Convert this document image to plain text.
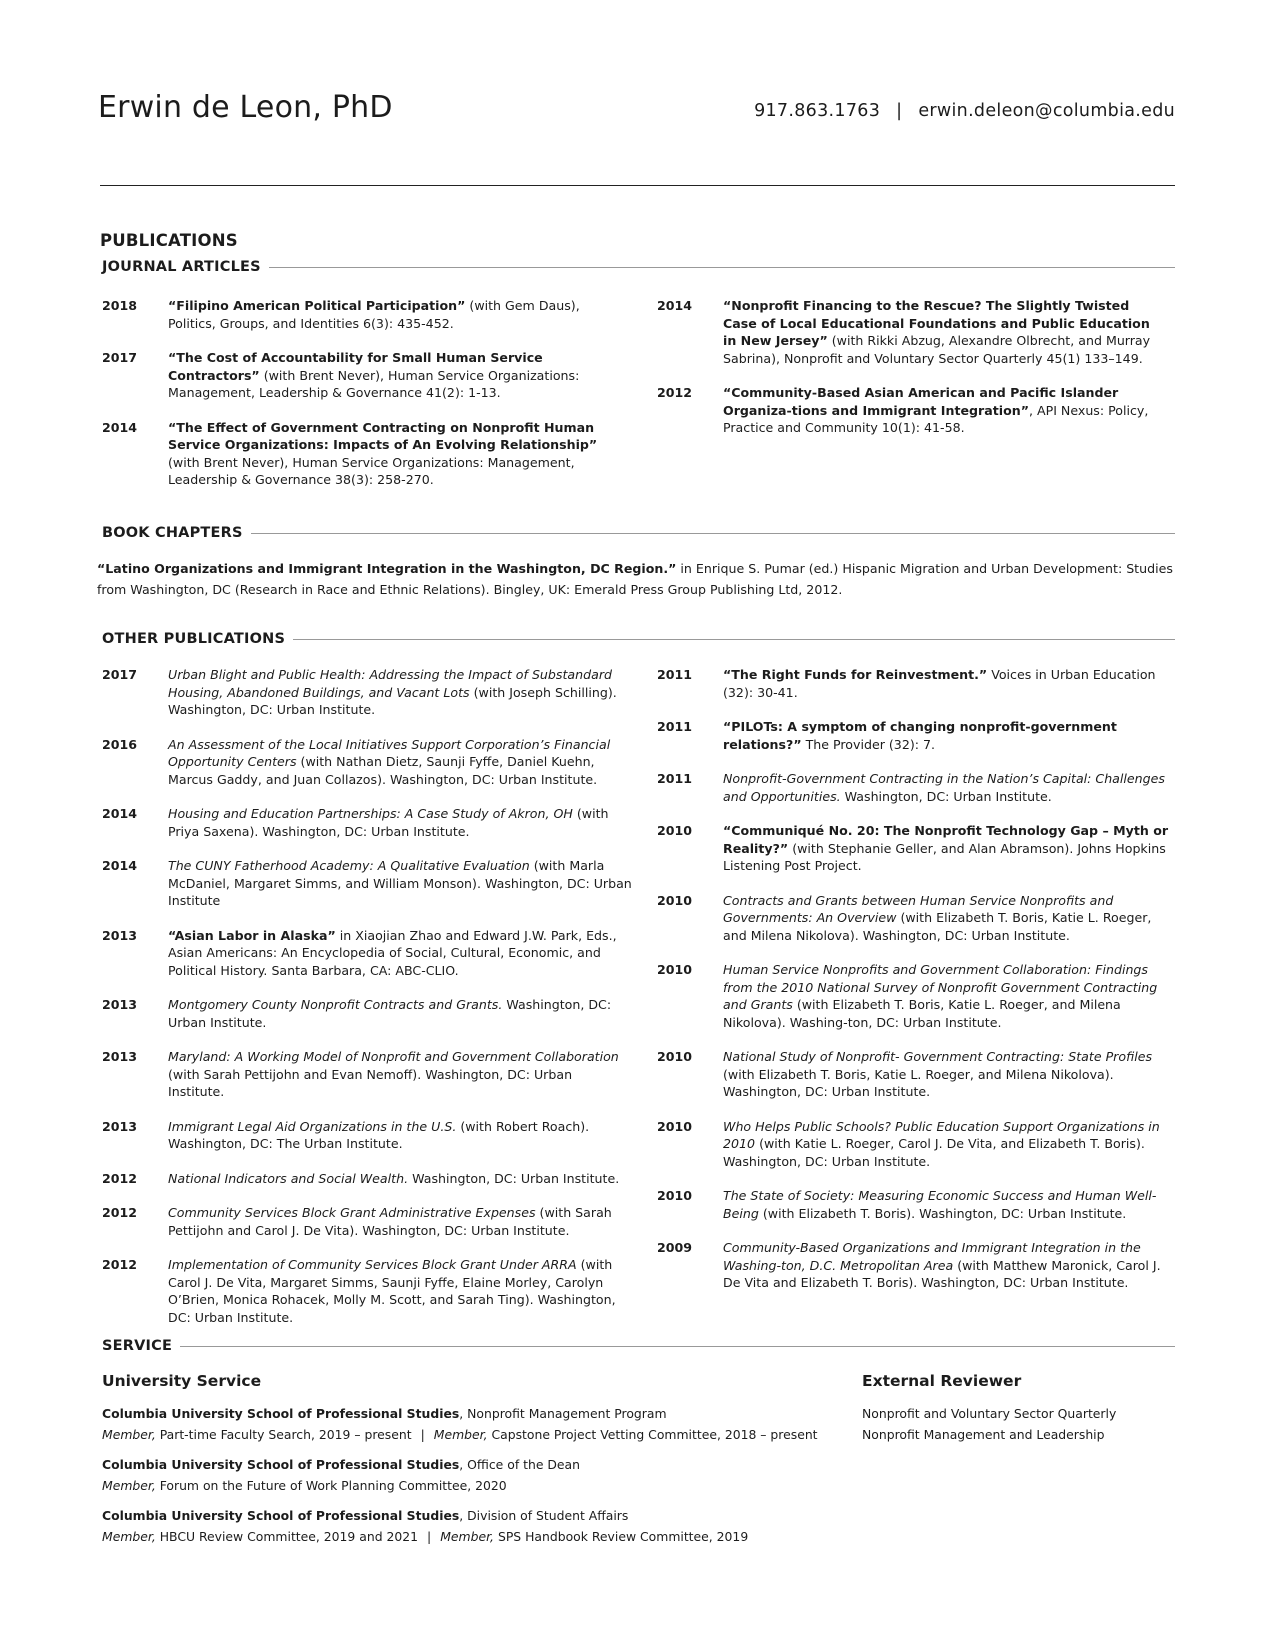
Erwin de Leon, PhD	917.863.1763 | erwin.deleon@columbia.edu
PUBLICATIONS
JOURNAL ARTICLES
2018	“Filipino American Political Participation” (with Gem Daus), Politics, Groups, and Identities 6(3): 435-452.
2017	“The Cost of Accountability for Small Human Service Contractors” (with Brent Never), Human Service Organizations: Management, Leadership & Governance 41(2): 1-13.
2014	“The Effect of Government Contracting on Nonprofit Human Service Organizations: Impacts of An Evolving Relationship” (with Brent Never), Human Service Organizations: Management, Leadership & Governance 38(3): 258-270.
2014	“Nonprofit Financing to the Rescue? The Slightly Twisted Case of Local Educational Foundations and Public Education in New Jersey” (with Rikki Abzug, Alexandre Olbrecht, and Murray Sabrina), Nonprofit and Voluntary Sector Quarterly 45(1) 133–149.
2012	“Community-Based Asian American and Pacific Islander Organiza-tions and Immigrant Integration”, API Nexus: Policy, Practice and Community 10(1): 41-58.
BOOK CHAPTERS
“Latino Organizations and Immigrant Integration in the Washington, DC Region.” in Enrique S. Pumar (ed.) Hispanic Migration and Urban Development: Studies from Washington, DC (Research in Race and Ethnic Relations). Bingley, UK: Emerald Press Group Publishing Ltd, 2012.
OTHER PUBLICATIONS
2017	Urban Blight and Public Health: Addressing the Impact of Substandard Housing, Abandoned Buildings, and Vacant Lots (with Joseph Schilling). Washington, DC: Urban Institute.
2016	An Assessment of the Local Initiatives Support Corporation’s Financial Opportunity Centers (with Nathan Dietz, Saunji Fyffe, Daniel Kuehn, Marcus Gaddy, and Juan Collazos). Washington, DC: Urban Institute.
2014	Housing and Education Partnerships: A Case Study of Akron, OH (with Priya Saxena). Washington, DC: Urban Institute.
2014	The CUNY Fatherhood Academy: A Qualitative Evaluation (with Marla McDaniel, Margaret Simms, and William Monson). Washington, DC: Urban Institute
2013	“Asian Labor in Alaska” in Xiaojian Zhao and Edward J.W. Park, Eds., Asian Americans: An Encyclopedia of Social, Cultural, Economic, and Political History. Santa Barbara, CA: ABC-CLIO.
2013	Montgomery County Nonprofit Contracts and Grants. Washington, DC: Urban Institute.
2013	Maryland: A Working Model of Nonprofit and Government Collaboration (with Sarah Pettijohn and Evan Nemoff). Washington, DC: Urban Institute.
2013	Immigrant Legal Aid Organizations in the U.S. (with Robert Roach). Washington, DC: The Urban Institute.
2012	National Indicators and Social Wealth. Washington, DC: Urban Institute.
2012	Community Services Block Grant Administrative Expenses (with Sarah Pettijohn and Carol J. De Vita). Washington, DC: Urban Institute.
2012	Implementation of Community Services Block Grant Under ARRA (with Carol J. De Vita, Margaret Simms, Saunji Fyffe, Elaine Morley, Carolyn O’Brien, Monica Rohacek, Molly M. Scott, and Sarah Ting). Washington, DC: Urban Institute.
2011	“The Right Funds for Reinvestment.” Voices in Urban Education (32): 30-41.
2011	“PILOTs: A symptom of changing nonprofit-government relations?” The Provider (32): 7.
2011	Nonprofit-Government Contracting in the Nation’s Capital: Challenges and Opportunities. Washington, DC: Urban Institute.
2010	“Communiqué No. 20: The Nonprofit Technology Gap – Myth or Reality?” (with Stephanie Geller, and Alan Abramson). Johns Hopkins Listening Post Project.
2010	Contracts and Grants between Human Service Nonprofits and Governments: An Overview (with Elizabeth T. Boris, Katie L. Roeger, and Milena Nikolova). Washington, DC: Urban Institute.
2010	Human Service Nonprofits and Government Collaboration: Findings from the 2010 National Survey of Nonprofit Government Contracting and Grants (with Elizabeth T. Boris, Katie L. Roeger, and Milena Nikolova). Washing-ton, DC: Urban Institute.
2010	National Study of Nonprofit- Government Contracting: State Profiles (with Elizabeth T. Boris, Katie L. Roeger, and Milena Nikolova). Washington, DC: Urban Institute.
2010	Who Helps Public Schools? Public Education Support Organizations in 2010 (with Katie L. Roeger, Carol J. De Vita, and Elizabeth T. Boris). Washington, DC: Urban Institute.
2010	The State of Society: Measuring Economic Success and Human Well-Being (with Elizabeth T. Boris). Washington, DC: Urban Institute.
2009	Community-Based Organizations and Immigrant Integration in the Washing-ton, D.C. Metropolitan Area (with Matthew Maronick, Carol J. De Vita and Elizabeth T. Boris). Washington, DC: Urban Institute.
SERVICE
University Service	External Reviewer
Columbia University School of Professional Studies, Nonprofit Management Program
Member, Part-time Faculty Search, 2019 – present | Member, Capstone Project Vetting Committee, 2018 – present
Columbia University School of Professional Studies, Office of the Dean
Member, Forum on the Future of Work Planning Committee, 2020
Columbia University School of Professional Studies, Division of Student Affairs
Member, HBCU Review Committee, 2019 and 2021 | Member, SPS Handbook Review Committee, 2019
Nonprofit and Voluntary Sector Quarterly
Nonprofit Management and Leadership
